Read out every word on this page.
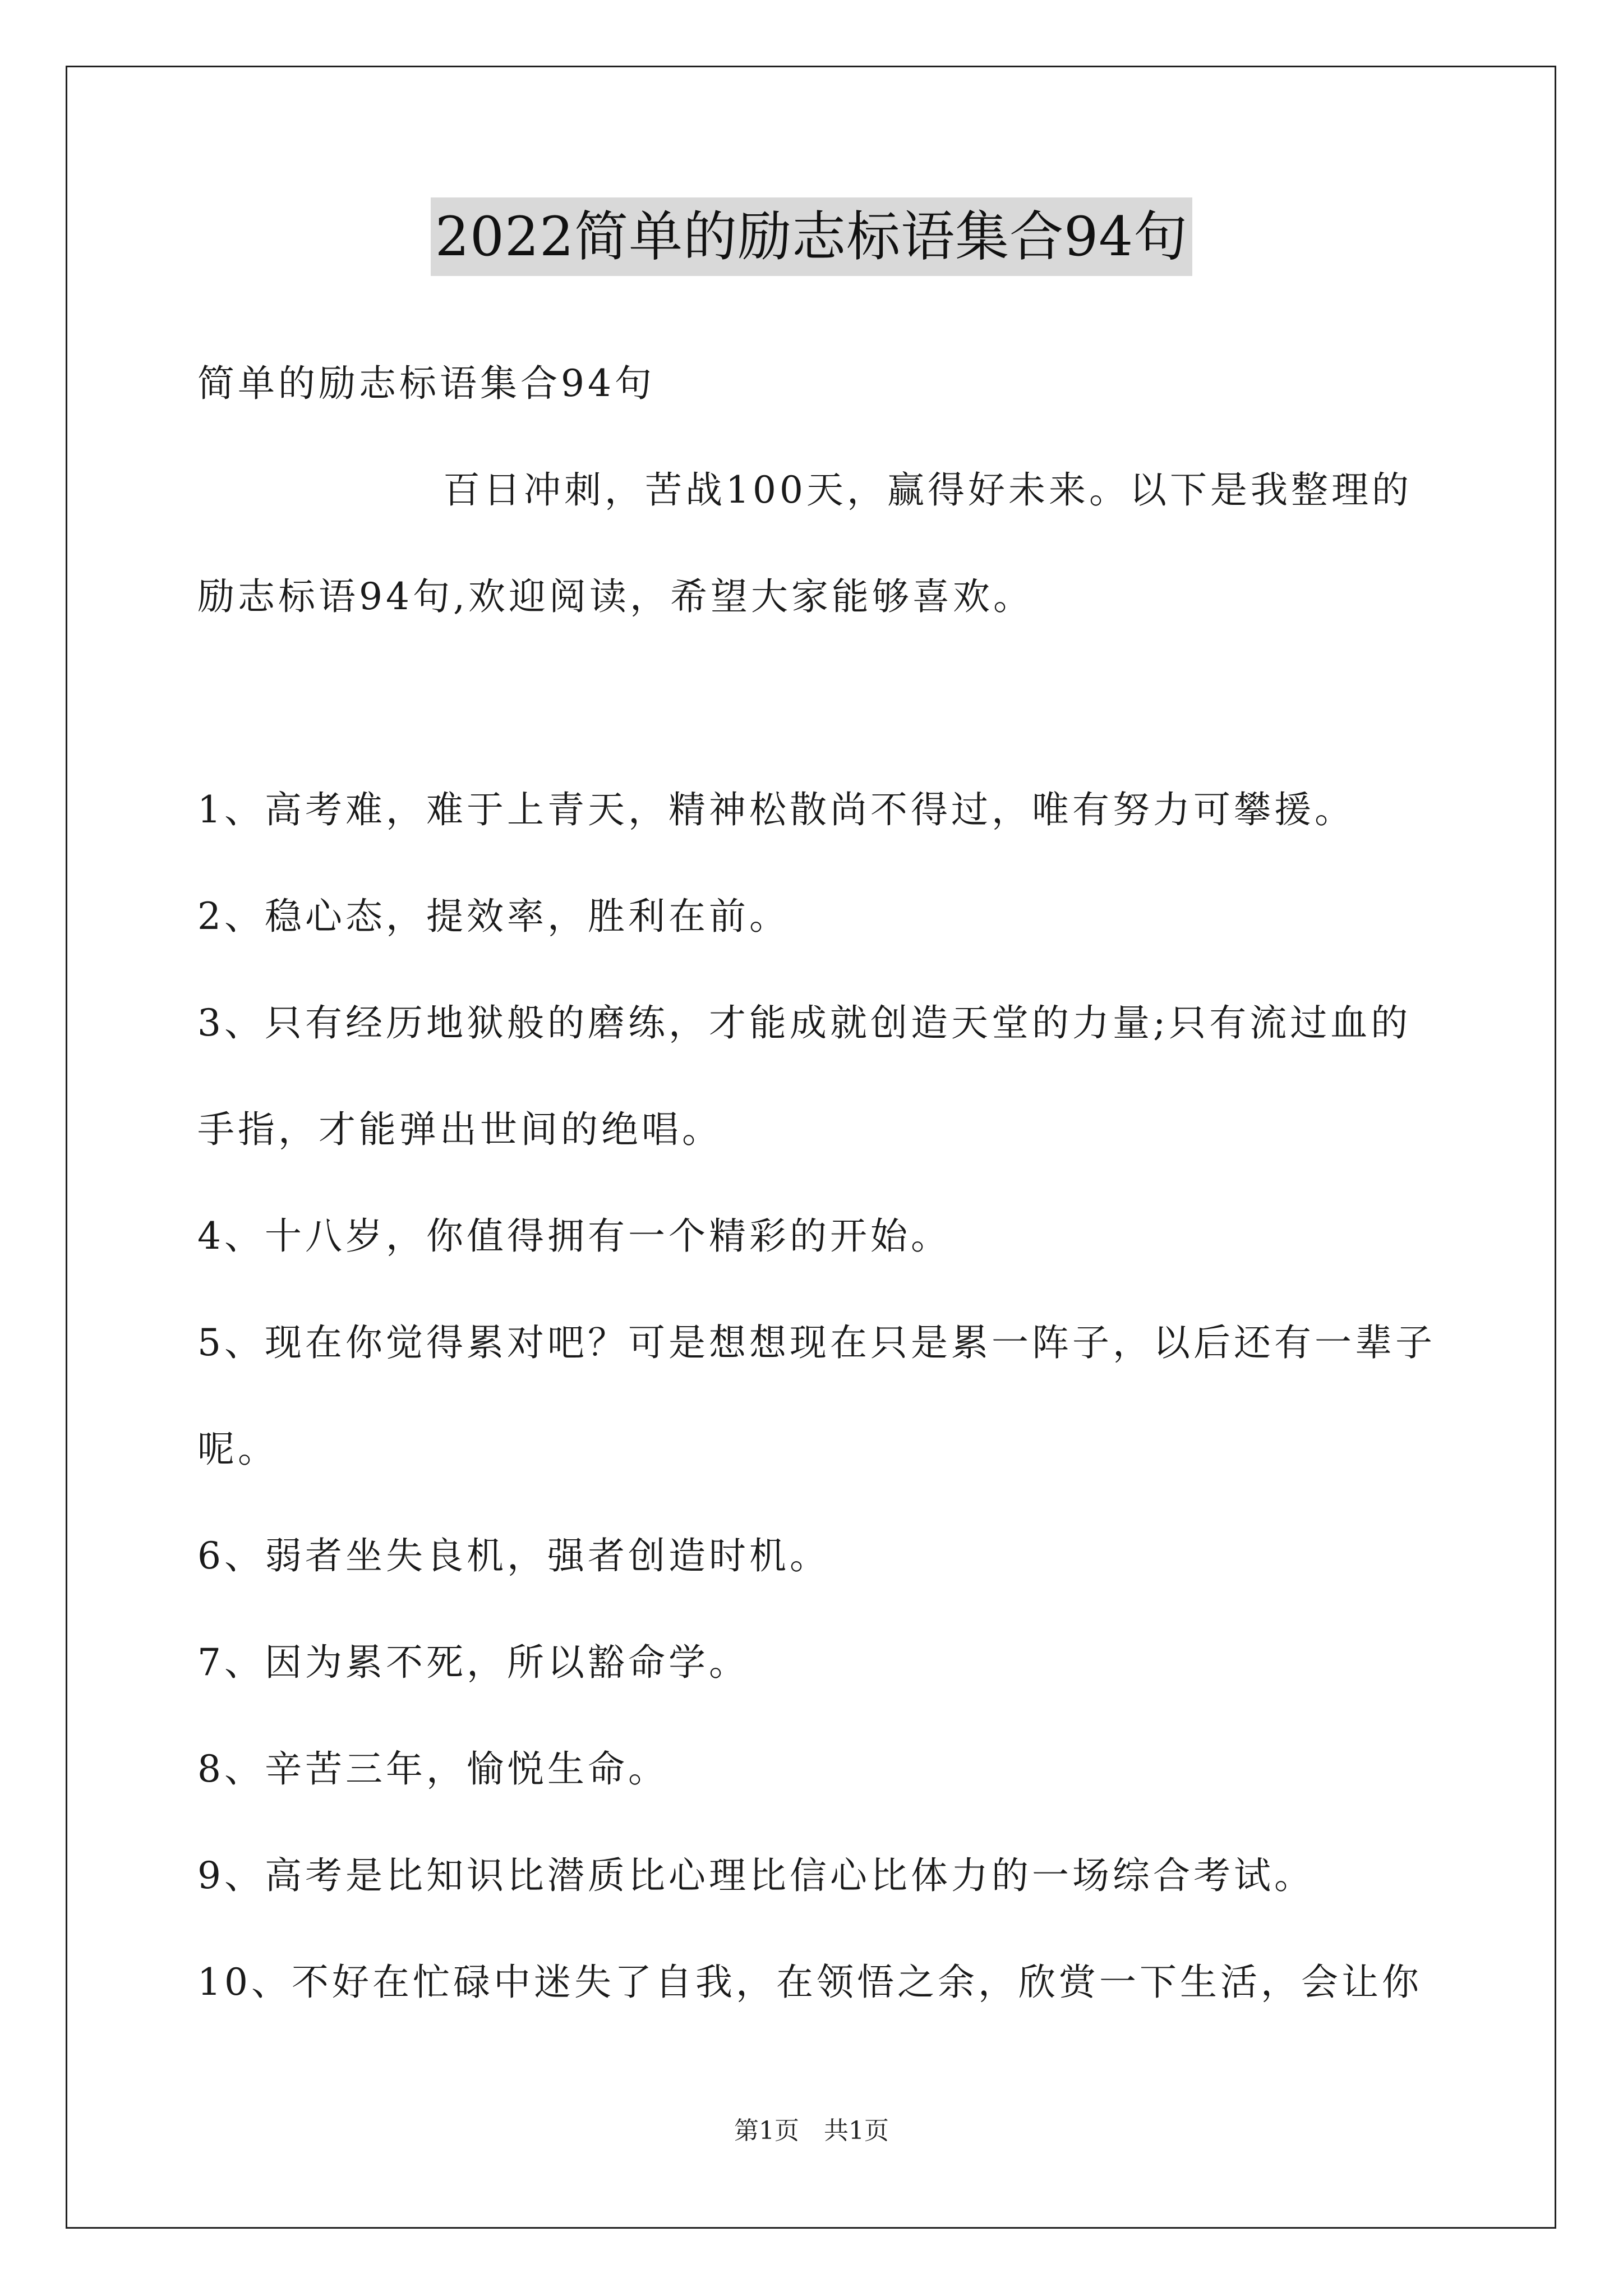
2022简单的励志标语集合94句
简单的励志标语集合94句
百日冲刺，苦战100天，赢得好未来。以下是我整理的
励志标语94句,欢迎阅读，希望大家能够喜欢。
1、高考难，难于上青天，精神松散尚不得过，唯有努力可攀援。
2、稳心态，提效率，胜利在前。
3、只有经历地狱般的磨练，才能成就创造天堂的力量;只有流过血的
手指，才能弹出世间的绝唱。
4、十八岁，你值得拥有一个精彩的开始。
5、现在你觉得累对吧？可是想想现在只是累一阵子，以后还有一辈子
呢。
6、弱者坐失良机，强者创造时机。
7、因为累不死，所以豁命学。
8、辛苦三年，愉悦生命。
9、高考是比知识比潜质比心理比信心比体力的一场综合考试。
10、不好在忙碌中迷失了自我，在领悟之余，欣赏一下生活，会让你
第1页　共1页
